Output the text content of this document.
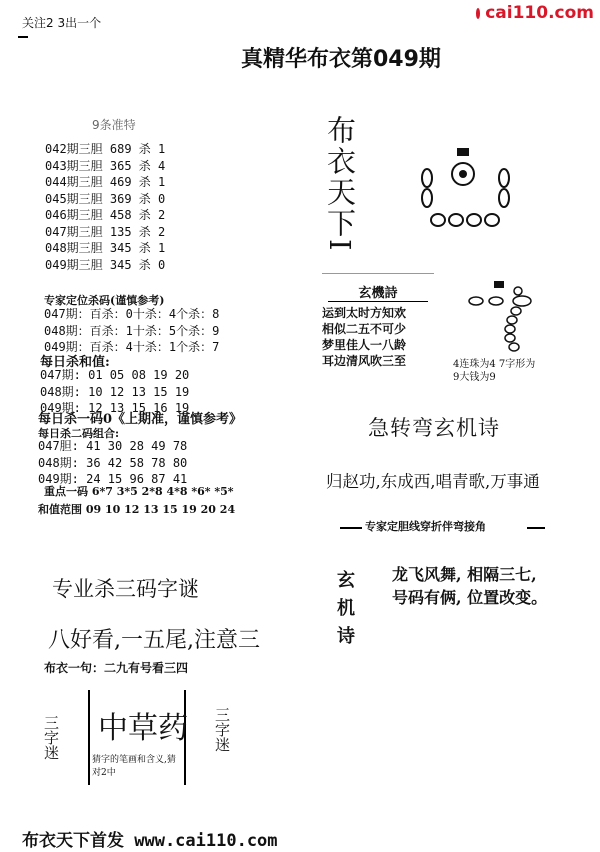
cai110.com
关注2 3出一个
真精华布衣第049期
9条准特
042期三胆 689 杀 1
043期三胆 365 杀 4
044期三胆 469 杀 1
045期三胆 369 杀 0
046期三胆 458 杀 2
047期三胆 135 杀 2
048期三胆 345 杀 1
049期三胆 345 杀 0
专家定位杀码(谨慎参考)
047期：百杀：0十杀：4个杀：8
048期：百杀：1十杀：5个杀：9
049期：百杀：4十杀：1个杀：7
每日杀和值:
047期: 01 05 08 19 20
048期: 10 12 13 15 19
049期: 12 13 15 16 19
每日杀一码0《上期准，谨慎参考》
每日杀二码组合:
047胆: 41 30 28 49 78
048期: 36 42 58 78 80
049期: 24 15 96 87 41
重点一码 6*7 3*5 2*8 4*8 *6* *5*
和值范围 09 10 12 13 15 19 20 24
专业杀三码字谜
八好看,一五尾,注意三
布衣一句：二九有号看三四
中草药
猜字的笔画和含义,猜
对2中
三字迷	三字迷
布衣天下I
玄機詩
运到太时方知欢
相似二五不可少
梦里佳人一八龄
耳边清风吹三至	4连珠为4 7字形为
9大钱为9
急转弯玄机诗
归赵功,东成西,唱青歌,万事通
专家定胆线穿折伴弯接角
玄机诗 龙飞风舞, 相隔三七,
号码有俩, 位置改变。
布衣天下首发 www.cai110.com
